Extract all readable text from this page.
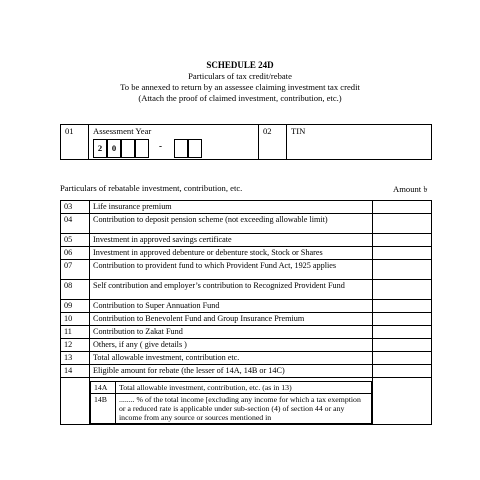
SCHEDULE 24D
Particulars of tax credit/rebate
To be annexed to return by an assessee claiming investment tax credit
(Attach the proof of claimed investment, contribution, etc.)
01	Assessment Year
2	0	-
02	TIN
Particulars of rebatable investment, contribution, etc.	Amount ৳
03	Life insurance premium	
04	Contribution to deposit pension scheme (not exceeding allowable limit)	
05	Investment in approved savings certificate	
06	Investment in approved debenture or debenture stock, Stock or Shares	
07	Contribution to provident fund to which Provident Fund Act, 1925 applies	
08	Self contribution and employer’s contribution to Recognized Provident Fund	
09	Contribution to Super Annuation Fund	
10	Contribution to Benevolent Fund and Group Insurance Premium	
11	Contribution to Zakat Fund	
12	Others, if any ( give details )	
13	Total allowable investment, contribution etc.	
14	Eligible amount for rebate (the lesser of 14A, 14B or 14C)	

14A	Total allowable investment, contribution, etc. (as in 13)
14B	........ % of the total income [excluding any income for which a tax exemption or a reduced rate is applicable under sub-section (4) of section 44 or any income from any source or sources mentioned in
